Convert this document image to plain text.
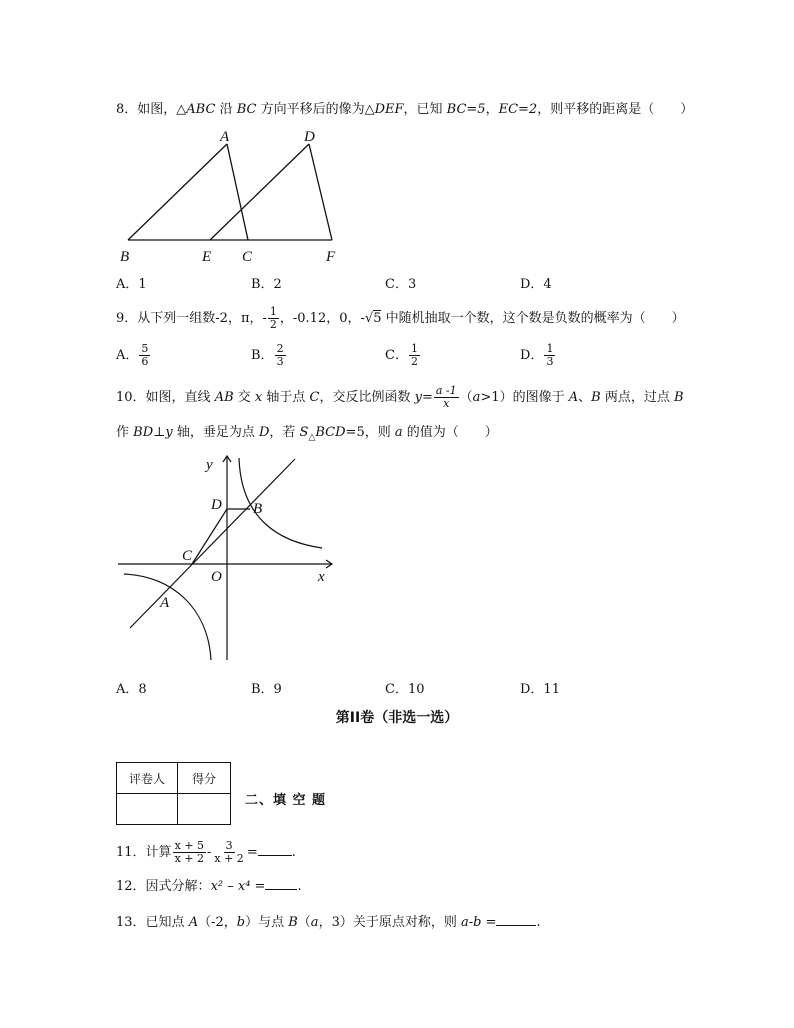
8．如图，△ABC 沿 BC 方向平移后的像为△DEF，已知 BC=5，EC=2，则平移的距离是（　　）
A	D
B	E C	F
A．1	B．2	C．3	D．4
9．从下列一组数-2，π，- $\frac{1}{2}$ ，-0.12，0，-√5 中随机抽取一个数，这个数是负数的概率为（　　）
A． $\frac{5}{6}$	B． $\frac{2}{3}$	C． $\frac{1}{2}$	D． $\frac{1}{3}$
10．如图，直线 AB 交 x 轴于点 C，交反比例函数 $y= \frac{a -1}{x} (a>1)$的图像于 A、B 两点，过点 B
作 BD⊥y 轴，垂足为点 D，若 $S_\triangle BCD=5$，则 a 的值为（　　）
y
D B
C
O	x
A
A．8	B．9	C．10	D．11
第II卷（非选一选）
评卷人	得分

二、填 空 题
11．计算 $\frac{x + 5}{x + 2} - \frac{3}{x + 2}$ =	.
12．因式分解：x² – x⁴ = .
13．已知点 A（-2，b）与点 B（a，3）关于原点对称，则 a-b =	.
